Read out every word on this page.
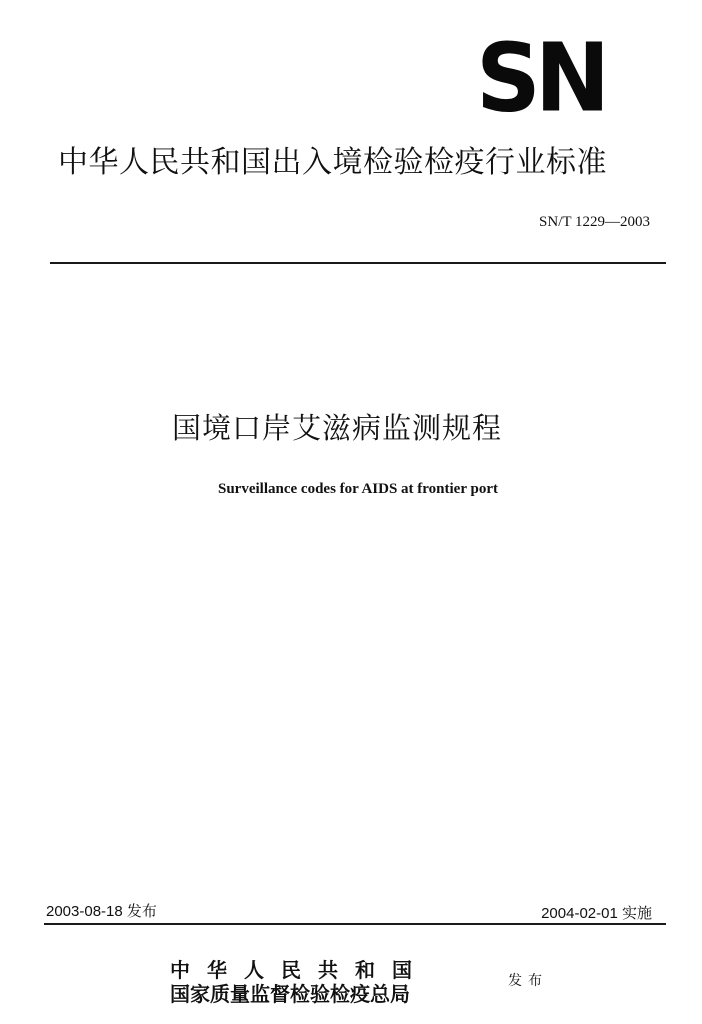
SN
中华人民共和国出入境检验检疫行业标准
SN/T 1229—2003
国境口岸艾滋病监测规程
Surveillance codes for AIDS at frontier port
2003-08-18 发布	2004-02-01 实施
中华人民共和国
国家质量监督检验检疫总局
发布
